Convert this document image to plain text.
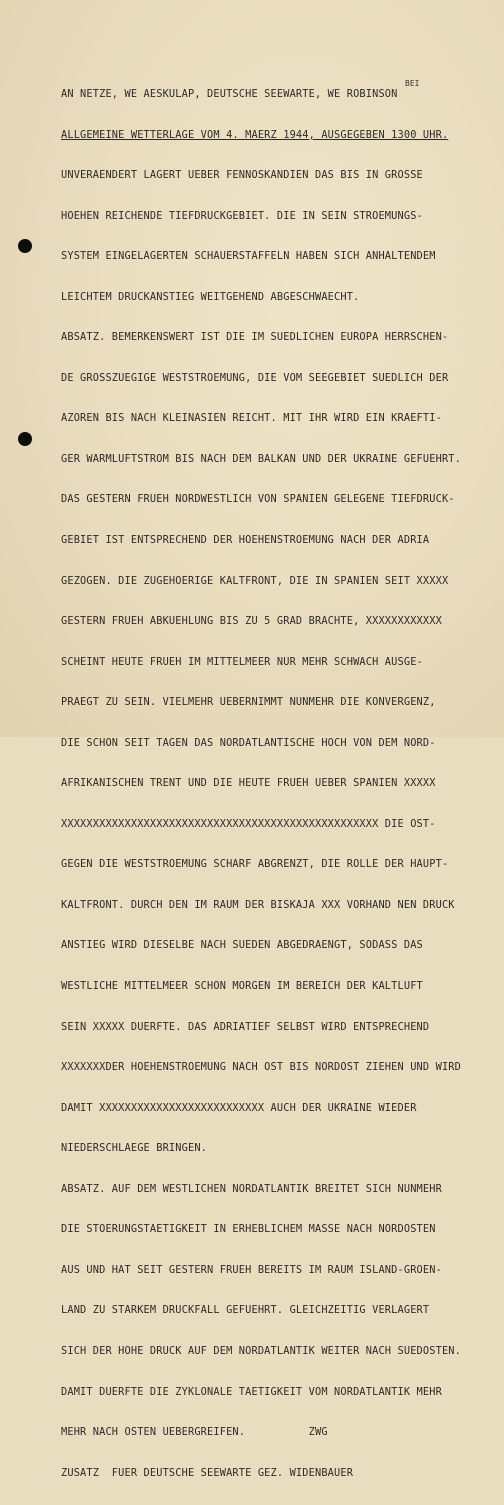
BEI

AN NETZE, WE AESKULAP, DEUTSCHE SEEWARTE, WE ROBINSON

ALLGEMEINE WETTERLAGE VOM 4. MAERZ 1944, AUSGEGEBEN 1300 UHR.

UNVERAENDERT LAGERT UEBER FENNOSKANDIEN DAS BIS IN GROSSE

HOEHEN REICHENDE TIEFDRUCKGEBIET. DIE IN SEIN STROEMUNGS-

SYSTEM EINGELAGERTEN SCHAUERSTAFFELN HABEN SICH ANHALTENDEM

LEICHTEM DRUCKANSTIEG WEITGEHEND ABGESCHWAECHT.

ABSATZ. BEMERKENSWERT IST DIE IM SUEDLICHEN EUROPA HERRSCHEN-

DE GROSSZUEGIGE WESTSTROEMUNG, DIE VOM SEEGEBIET SUEDLICH DER

AZOREN BIS NACH KLEINASIEN REICHT. MIT IHR WIRD EIN KRAEFTI-

GER WARMLUFTSTROM BIS NACH DEM BALKAN UND DER UKRAINE GEFUEHRT.

DAS GESTERN FRUEH NORDWESTLICH VON SPANIEN GELEGENE TIEFDRUCK-

GEBIET IST ENTSPRECHEND DER HOEHENSTROEMUNG NACH DER ADRIA

GEZOGEN. DIE ZUGEHOERIGE KALTFRONT, DIE IN SPANIEN SEIT XXXXX

GESTERN FRUEH ABKUEHLUNG BIS ZU 5 GRAD BRACHTE, XXXXXXXXXXXX

SCHEINT HEUTE FRUEH IM MITTELMEER NUR MEHR SCHWACH AUSGE-

PRAEGT ZU SEIN. VIELMEHR UEBERNIMMT NUNMEHR DIE KONVERGENZ,

DIE SCHON SEIT TAGEN DAS NORDATLANTISCHE HOCH VON DEM NORD-

AFRIKANISCHEN TRENT UND DIE HEUTE FRUEH UEBER SPANIEN XXXXX

XXXXXXXXXXXXXXXXXXXXXXXXXXXXXXXXXXXXXXXXXXXXXXXXXX DIE OST-

GEGEN DIE WESTSTROEMUNG SCHARF ABGRENZT, DIE ROLLE DER HAUPT-

KALTFRONT. DURCH DEN IM RAUM DER BISKAJA XXX VORHAND NEN DRUCK

ANSTIEG WIRD DIESELBE NACH SUEDEN ABGEDRAENGT, SODASS DAS

WESTLICHE MITTELMEER SCHON MORGEN IM BEREICH DER KALTLUFT

SEIN XXXXX DUERFTE. DAS ADRIATIEF SELBST WIRD ENTSPRECHEND

XXXXXXXDER HOEHENSTROEMUNG NACH OST BIS NORDOST ZIEHEN UND WIRD

DAMIT XXXXXXXXXXXXXXXXXXXXXXXXXX AUCH DER UKRAINE WIEDER

NIEDERSCHLAEGE BRINGEN.

ABSATZ. AUF DEM WESTLICHEN NORDATLANTIK BREITET SICH NUNMEHR

DIE STOERUNGSTAETIGKEIT IN ERHEBLICHEM MASSE NACH NORDOSTEN

AUS UND HAT SEIT GESTERN FRUEH BEREITS IM RAUM ISLAND-GROEN-

LAND ZU STARKEM DRUCKFALL GEFUEHRT. GLEICHZEITIG VERLAGERT

SICH DER HOHE DRUCK AUF DEM NORDATLANTIK WEITER NACH SUEDOSTEN.

DAMIT DUERFTE DIE ZYKLONALE TAETIGKEIT VOM NORDATLANTIK MEHR

MEHR NACH OSTEN UEBERGREIFEN.          ZWG

ZUSATZ  FUER DEUTSCHE SEEWARTE GEZ. WIDENBAUER
